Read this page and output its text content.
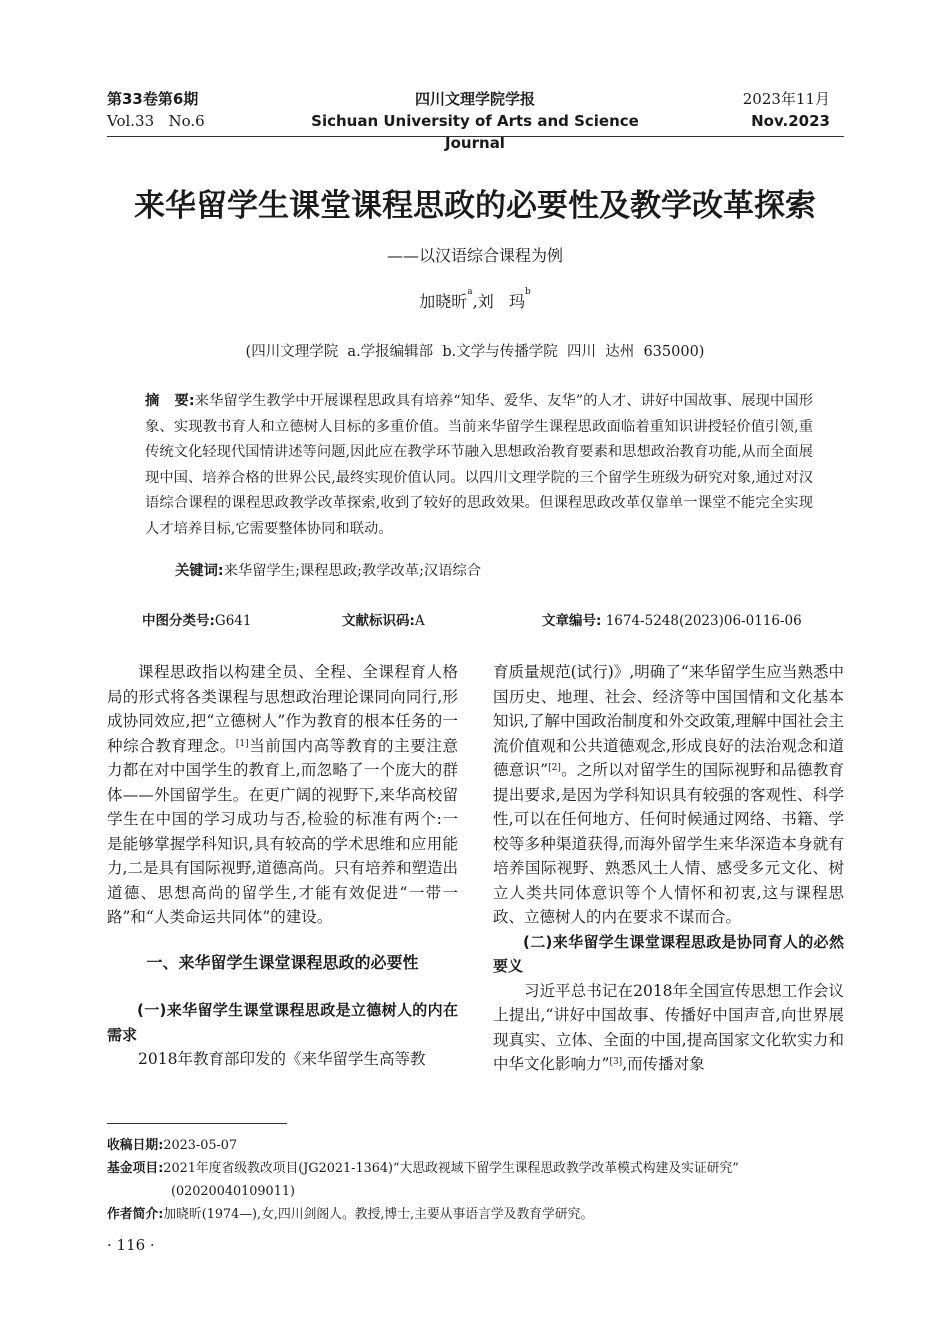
第33卷第6期
Vol.33   No.6
四川文理学院学报
Sichuan University of Arts and Science Journal
2023年11月
Nov.2023
来华留学生课堂课程思政的必要性及教学改革探索
——以汉语综合课程为例
加晓昕$^a$,刘   玛$^b$
(四川文理学院  a.学报编辑部  b.文学与传播学院  四川  达州  635000)
摘   要:来华留学生教学中开展课程思政具有培养“知华、爱华、友华”的人才、讲好中国故事、展现中国形象、实现教书育人和立德树人目标的多重价值。当前来华留学生课程思政面临着重知识讲授轻价值引领,重传统文化轻现代国情讲述等问题,因此应在教学环节融入思想政治教育要素和思想政治教育功能,从而全面展现中国、培养合格的世界公民,最终实现价值认同。以四川文理学院的三个留学生班级为研究对象,通过对汉语综合课程的课程思政教学改革探索,收到了较好的思政效果。但课程思政改革仅靠单一课堂不能完全实现人才培养目标,它需要整体协同和联动。
关键词:来华留学生;课程思政;教学改革;汉语综合
中图分类号:G641	文献标识码:A	文章编号: 1674-5248(2023)06-0116-06

课程思政指以构建全员、全程、全课程育人格局的形式将各类课程与思想政治理论课同向同行,形成协同效应,把“立德树人”作为教育的根本任务的一种综合教育理念。[1]当前国内高等教育的主要注意力都在对中国学生的教育上,而忽略了一个庞大的群体——外国留学生。在更广阔的视野下,来华高校留学生在中国的学习成功与否,检验的标准有两个:一是能够掌握学科知识,具有较高的学术思维和应用能力,二是具有国际视野,道德高尚。只有培养和塑造出道德、思想高尚的留学生,才能有效促进“一带一路”和“人类命运共同体”的建设。

一、来华留学生课堂课程思政的必要性
(一)来华留学生课堂课程思政是立德树人的内在需求

2018年教育部印发的《来华留学生高等教

育质量规范(试行)》,明确了“来华留学生应当熟悉中国历史、地理、社会、经济等中国国情和文化基本知识,了解中国政治制度和外交政策,理解中国社会主流价值观和公共道德观念,形成良好的法治观念和道德意识”[2]。之所以对留学生的国际视野和品德教育提出要求,是因为学科知识具有较强的客观性、科学性,可以在任何地方、任何时候通过网络、书籍、学校等多种渠道获得,而海外留学生来华深造本身就有培养国际视野、熟悉风土人情、感受多元文化、树立人类共同体意识等个人情怀和初衷,这与课程思政、立德树人的内在要求不谋而合。

(二)来华留学生课堂课程思政是协同育人的必然要义

习近平总书记在2018年全国宣传思想工作会议上提出,“讲好中国故事、传播好中国声音,向世界展现真实、立体、全面的中国,提高国家文化软实力和中华文化影响力”[3],而传播对象

收稿日期:2023-05-07
基金项目:2021年度省级教改项目(JG2021-1364)“大思政视域下留学生课程思政教学改革模式构建及实证研究”
(02020040109011)
作者简介:加晓昕(1974—),女,四川剑阁人。教授,博士,主要从事语言学及教育学研究。
· 116 ·
